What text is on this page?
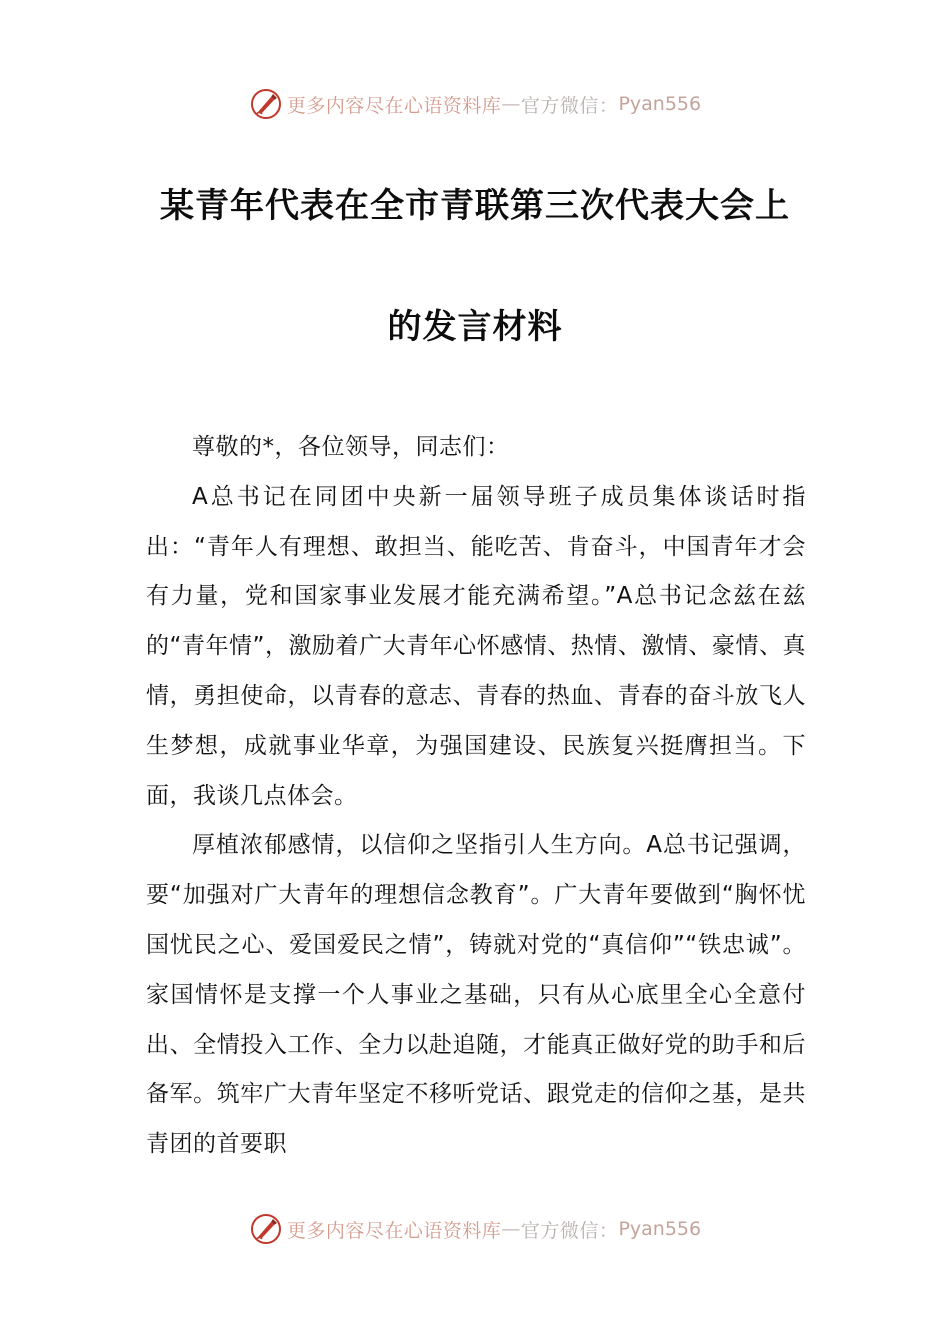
更多内容尽在心语资料库 — 官方微信： Pyan556
某青年代表在全市青联第三次代表大会上
的发言材料

尊敬的*，各位领导，同志们：

A总书记在同团中央新一届领导班子成员集体谈话时指出：“青年人有理想、敢担当、能吃苦、肯奋斗，中国青年才会有力量，党和国家事业发展才能充满希望。”A总书记念兹在兹的“青年情”，激励着广大青年心怀感情、热情、激情、豪情、真情，勇担使命，以青春的意志、青春的热血、青春的奋斗放飞人生梦想，成就事业华章，为强国建设、民族复兴挺膺担当。下面，我谈几点体会。

厚植浓郁感情，以信仰之坚指引人生方向。A总书记强调，要“加强对广大青年的理想信念教育”。广大青年要做到“胸怀忧国忧民之心、爱国爱民之情”，铸就对党的“真信仰”“铁忠诚”。家国情怀是支撑一个人事业之基础，只有从心底里全心全意付出、全情投入工作、全力以赴追随，才能真正做好党的助手和后备军。筑牢广大青年坚定不移听党话、跟党走的信仰之基，是共青团的首要职

更多内容尽在心语资料库 — 官方微信： Pyan556
